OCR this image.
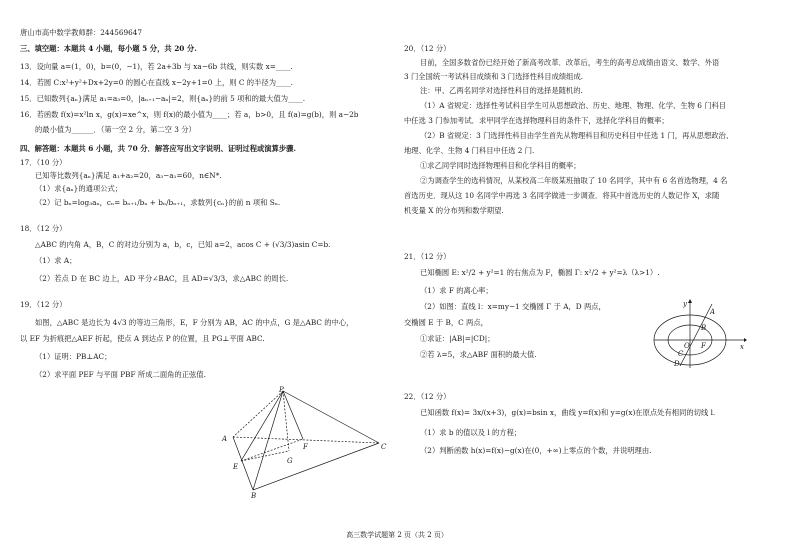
唐山市高中数学教师群：244569647
三、填空题：本题共 4 小题，每小题 5 分，共 20 分.
13．设向量 a=(1，0)，b=(0，−1)，若 2a+3b 与 xa−6b 共线，则实数 x=____.
14．若圆 C:x²+y²+Dx+2y=0 的圆心在直线 x−2y+1=0 上，则 C 的半径为____.
15．已知数列{aₙ}满足 a₁=a₃=0，|aₙ₊₁−aₙ|=2，则{aₙ}的前 5 项和的最大值为____.
16．若函数 f(x)=x²ln x，g(x)=xe^x，则 f(x)的最小值为____；若 a，b>0，且 f(a)=g(b)，则 a−2b
的最小值为______．（第一空 2 分，第二空 3 分）
四、解答题：本题共 6 小题，共 70 分．解答应写出文字说明、证明过程或演算步骤.
17．（10 分）
已知等比数列{aₙ}满足 a₁+a₂=20，a₃−a₁=60，n∈N*.
（1）求{aₙ}的通项公式；
（2）记 bₙ=log₃aₙ，cₙ= bₙ₊₁/bₙ + bₙ/bₙ₊₁，求数列{cₙ}的前 n 项和 Sₙ.
18．（12 分）
△ABC 的内角 A，B，C 的对边分别为 a，b，c，已知 a=2，acos C + (√3/3)asin C=b.
（1）求 A；
（2）若点 D 在 BC 边上，AD 平分∠BAC，且 AD=√3/3，求△ABC 的周长.
19．（12 分）
如图，△ABC 是边长为 4√3 的等边三角形，E，F 分别为 AB，AC 的中点，G 是△ABC 的中心，
以 EF 为折痕把△AEF 折起，使点 A 到达点 P 的位置，且 PG⊥平面 ABC.
（1）证明：PB⊥AC；
（2）求平面 PEF 与平面 PBF 所成二面角的正弦值.
P
A
F	C
E
G
B
20．（12 分）
目前，全国多数省份已经开始了新高考改革．改革后，考生的高考总成绩由语文、数学、外语
3 门全国统一考试科目成绩和 3 门选择性科目成绩组成.
注：甲、乙两名同学对选择性科目的选择是随机的.
（1）A 省规定：选择性考试科目学生可从思想政治、历史、地理、物理、化学、生物 6 门科目
中任选 3 门参加考试．求甲同学在选择物理科目的条件下，选择化学科目的概率；
（2）B 省规定：3 门选择性科目由学生首先从物理科目和历史科目中任选 1 门，再从思想政治、
地理、化学、生物 4 门科目中任选 2 门.
①求乙同学同时选择物理科目和化学科目的概率；
②为调查学生的选科情况，从某校高二年级某班抽取了 10 名同学，其中有 6 名首选物理，4 名
首选历史．现从这 10 名同学中再选 3 名同学做进一步调查．将其中首选历史的人数记作 X，求随
机变量 X 的分布列和数学期望.
21．（12 分）
已知椭圆 E: x²/2 + y²=1 的右焦点为 F，椭圆 Γ: x²/2 + y²=λ（λ>1）.
（1）求 F 的离心率；
（2）如图：直线 l：x=my−1 交椭圆 Γ 于 A，D 两点，
交椭圆 E 于 B，C 两点，
①求证：|AB|=|CD|；
②若 λ=5，求△ABF 面积的最大值.
y
A
B
O F
C
D
x
22．（12 分）
已知函数 f(x)= 3x/(x+3)，g(x)=bsin x，曲线 y=f(x)和 y=g(x)在原点处有相同的切线 l.
（1）求 b 的值以及 l 的方程；
（2）判断函数 h(x)=f(x)−g(x)在(0，+∞)上零点的个数，并说明理由.
高三数学试题第 2 页（共 2 页）
